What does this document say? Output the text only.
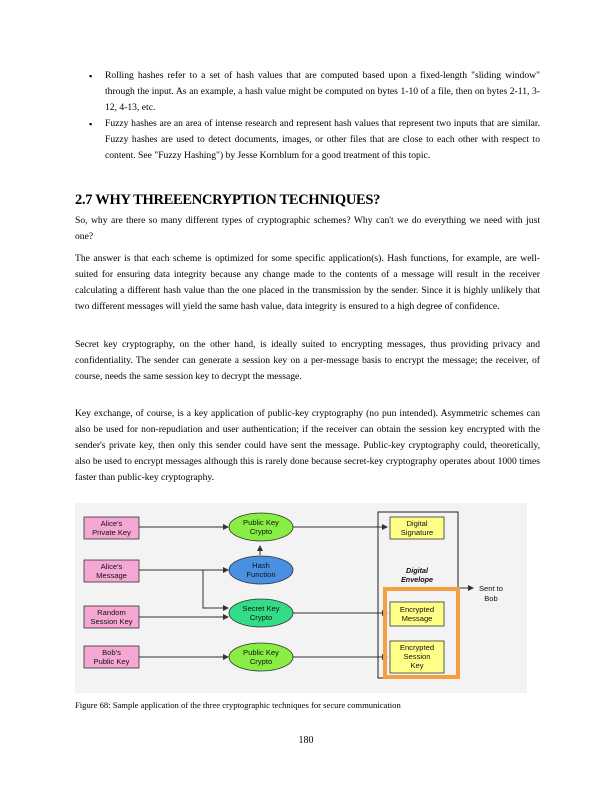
▪ Rolling hashes refer to a set of hash values that are computed based upon a fixed-length "sliding window" through the input. As an example, a hash value might be computed on bytes 1-10 of a file, then on bytes 2-11, 3-12, 4-13, etc.
▪ Fuzzy hashes are an area of intense research and represent hash values that represent two inputs that are similar. Fuzzy hashes are used to detect documents, images, or other files that are close to each other with respect to content. See "Fuzzy Hashing") by Jesse Kornblum for a good treatment of this topic.
2.7 WHY THREEENCRYPTION TECHNIQUES?

So, why are there so many different types of cryptographic schemes? Why can't we do everything we need with just one?

The answer is that each scheme is optimized for some specific application(s). Hash functions, for example, are well-suited for ensuring data integrity because any change made to the contents of a message will result in the receiver calculating a different hash value than the one placed in the transmission by the sender. Since it is highly unlikely that two different messages will yield the same hash value, data integrity is ensured to a high degree of confidence.

Secret key cryptography, on the other hand, is ideally suited to encrypting messages, thus providing privacy and confidentiality. The sender can generate a session key on a per-message basis to encrypt the message; the receiver, of course, needs the same session key to decrypt the message.

Key exchange, of course, is a key application of public-key cryptography (no pun intended). Asymmetric schemes can also be used for non-repudiation and user authentication; if the receiver can obtain the session key encrypted with the sender's private key, then only this sender could have sent the message. Public-key cryptography could, theoretically, also be used to encrypt messages although this is rarely done because secret-key cryptography operates about 1000 times faster than public-key cryptography.

Alice's
Private Key
Alice's
Message
Random
Session Key
Bob's
Public Key
Public Key
Crypto
Hash
Function
Secret Key
Crypto
Public Key
Crypto
Digital
Signature
Digital
Envelope
Encrypted
Message
Encrypted
Session
Key
Sent to
Bob
Figure 68: Sample application of the three cryptographic techniques for secure communication
180
